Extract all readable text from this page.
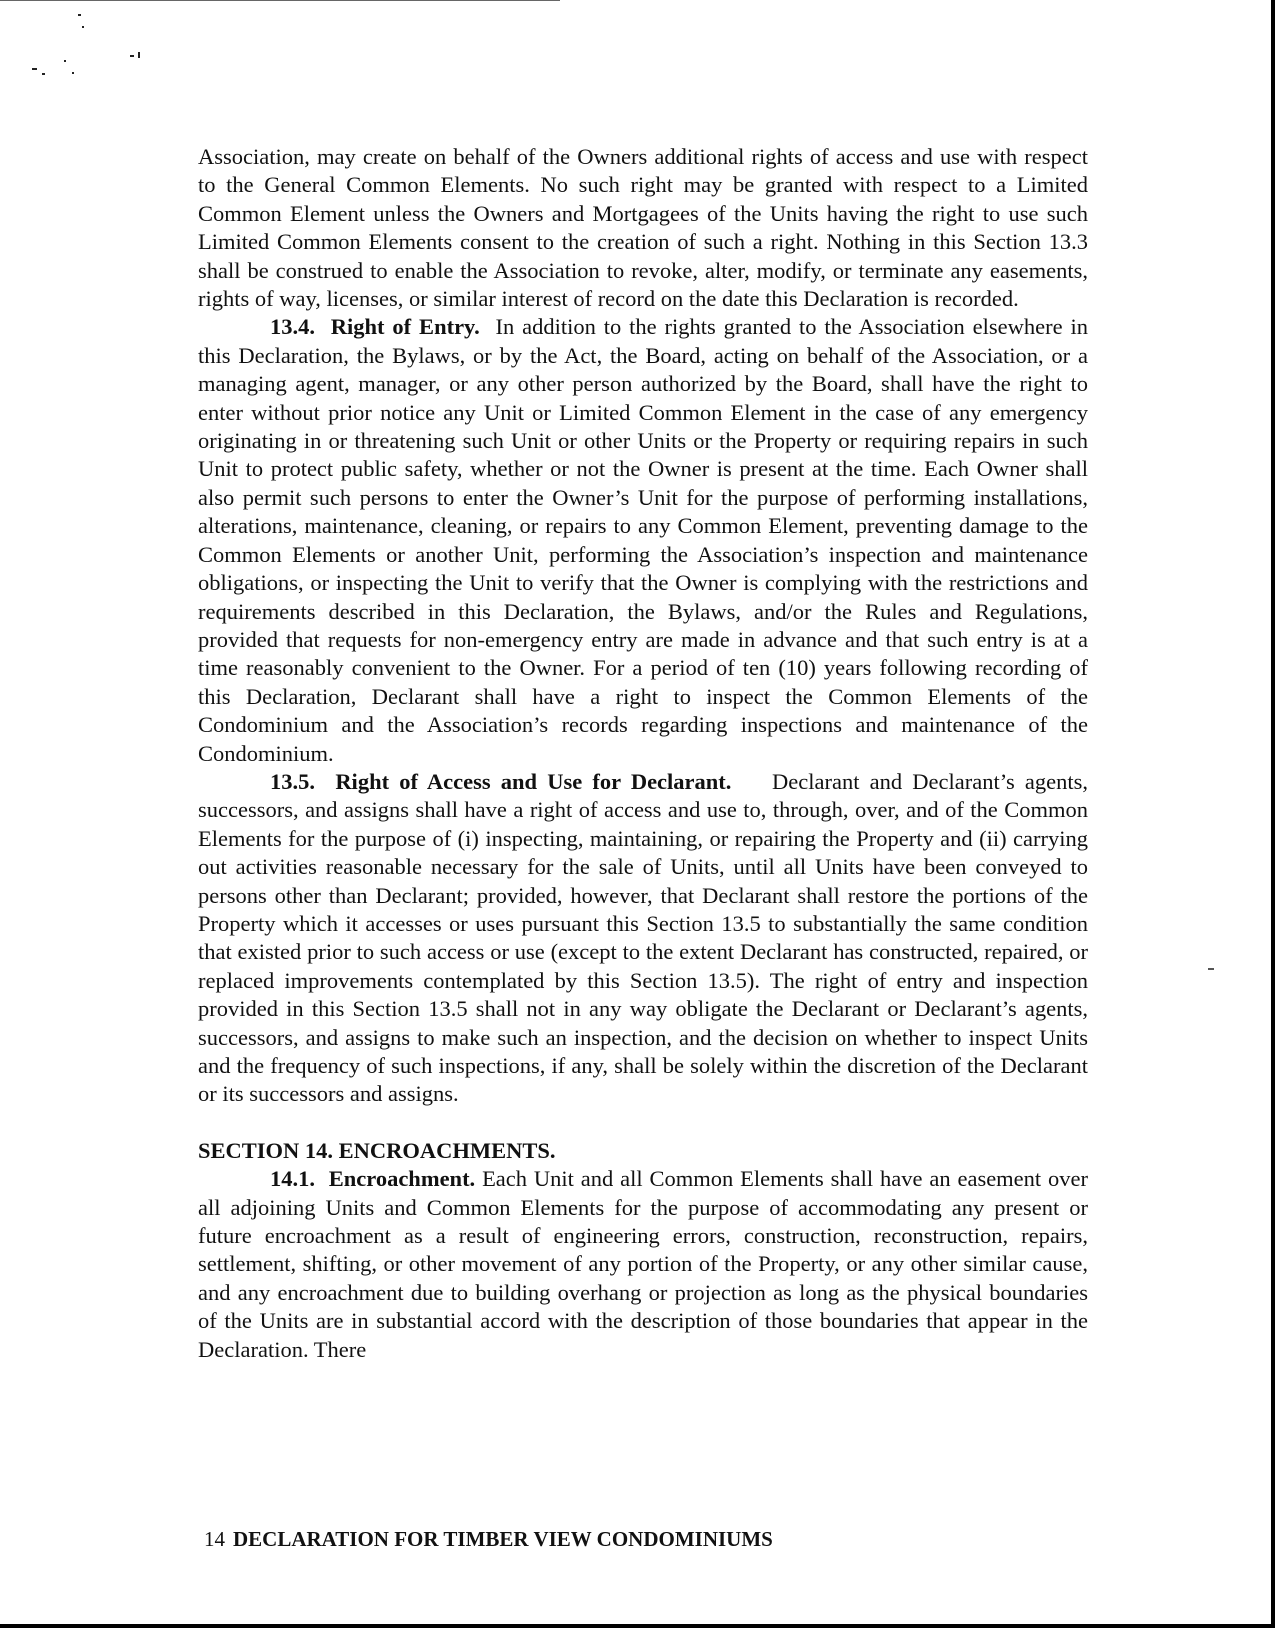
Association, may create on behalf of the Owners additional rights of access and use with respect to the General Common Elements. No such right may be granted with respect to a Limited Common Element unless the Owners and Mortgagees of the Units having the right to use such Limited Common Elements consent to the creation of such a right. Nothing in this Section 13.3 shall be construed to enable the Association to revoke, alter, modify, or terminate any easements, rights of way, licenses, or similar interest of record on the date this Declaration is recorded.

13.4. Right of Entry. In addition to the rights granted to the Association elsewhere in this Declaration, the Bylaws, or by the Act, the Board, acting on behalf of the Association, or a managing agent, manager, or any other person authorized by the Board, shall have the right to enter without prior notice any Unit or Limited Common Element in the case of any emergency originating in or threatening such Unit or other Units or the Property or requiring repairs in such Unit to protect public safety, whether or not the Owner is present at the time. Each Owner shall also permit such persons to enter the Owner’s Unit for the purpose of performing installations, alterations, maintenance, cleaning, or repairs to any Common Element, preventing damage to the Common Elements or another Unit, performing the Association’s inspection and maintenance obligations, or inspecting the Unit to verify that the Owner is complying with the restrictions and requirements described in this Declaration, the Bylaws, and/or the Rules and Regulations, provided that requests for non-emergency entry are made in advance and that such entry is at a time reasonably convenient to the Owner. For a period of ten (10) years following recording of this Declaration, Declarant shall have a right to inspect the Common Elements of the Condominium and the Association’s records regarding inspections and maintenance of the Condominium.

13.5. Right of Access and Use for Declarant. Declarant and Declarant’s agents, successors, and assigns shall have a right of access and use to, through, over, and of the Common Elements for the purpose of (i) inspecting, maintaining, or repairing the Property and (ii) carrying out activities reasonable necessary for the sale of Units, until all Units have been conveyed to persons other than Declarant; provided, however, that Declarant shall restore the portions of the Property which it accesses or uses pursuant this Section 13.5 to substantially the same condition that existed prior to such access or use (except to the extent Declarant has constructed, repaired, or replaced improvements contemplated by this Section 13.5). The right of entry and inspection provided in this Section 13.5 shall not in any way obligate the Declarant or Declarant’s agents, successors, and assigns to make such an inspection, and the decision on whether to inspect Units and the frequency of such inspections, if any, shall be solely within the discretion of the Declarant or its successors and assigns.

SECTION 14. ENCROACHMENTS.

14.1. Encroachment. Each Unit and all Common Elements shall have an easement over all adjoining Units and Common Elements for the purpose of accommodating any present or future encroachment as a result of engineering errors, construction, reconstruction, repairs, settlement, shifting, or other movement of any portion of the Property, or any other similar cause, and any encroachment due to building overhang or projection as long as the physical boundaries of the Units are in substantial accord with the description of those boundaries that appear in the Declaration. There

14 DECLARATION FOR TIMBER VIEW CONDOMINIUMS
